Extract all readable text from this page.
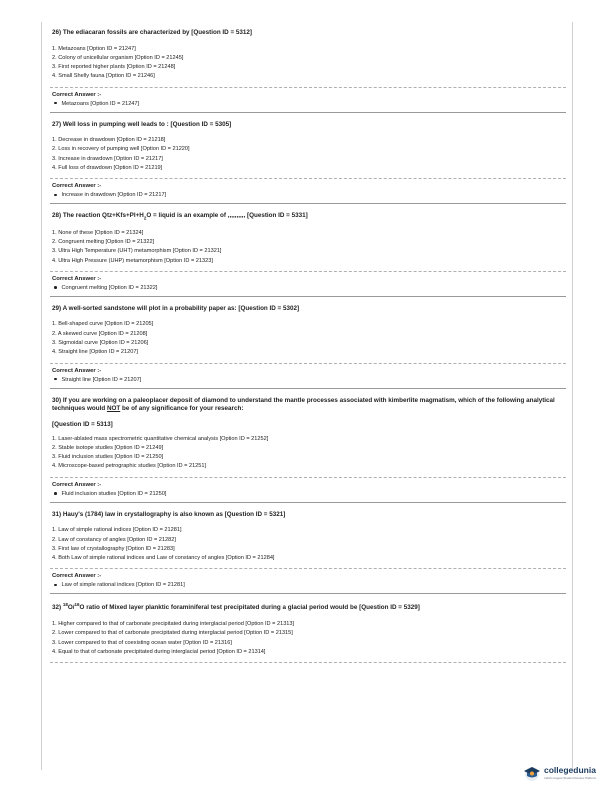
26) The ediacaran fossils are characterized by [Question ID = 5312]
1. Metazoans [Option ID = 21247]
2. Colony of unicellular organism [Option ID = 21245]
3. First reported higher plants [Option ID = 21248]
4. Small Shelly fauna [Option ID = 21246]
Correct Answer :-
Metazoans [Option ID = 21247]
27) Well loss in pumping well leads to : [Question ID = 5305]
1. Decrease in drawdown [Option ID = 21218]
2. Loss in recovery of pumping well [Option ID = 21220]
3. Increase in drawdown [Option ID = 21217]
4. Full loss of drawdown [Option ID = 21219]
Correct Answer :-
Increase in drawdown [Option ID = 21217]
28) The reaction $Qtz+Kfs+Pl+H_2O$ = liquid is an example of ,,,,,,,,,, [Question ID = 5331]
1. None of these [Option ID = 21324]
2. Congruent melting [Option ID = 21322]
3. Ultra High Temperature (UHT) metamorphism [Option ID = 21321]
4. Ultra High Pressure (UHP) metamorphism [Option ID = 21323]
Correct Answer :-
Congruent melting [Option ID = 21322]
29) A well-sorted sandstone will plot in a probability paper as: [Question ID = 5302]
1. Bell-shaped curve [Option ID = 21205]
2. A skewed curve [Option ID = 21208]
3. Sigmoidal curve [Option ID = 21206]
4. Straight line [Option ID = 21207]
Correct Answer :-
Straight line [Option ID = 21207]
30) If you are working on a paleoplacer deposit of diamond to understand the mantle processes associated with kimberlite magmatism, which of the following analytical techniques would NOT be of any significance for your research:
[Question ID = 5313]
1. Laser-ablated mass spectrometric quantitative chemical analysis [Option ID = 21252]
2. Stable isotope studies [Option ID = 21249]
3. Fluid inclusion studies [Option ID = 21250]
4. Microscope-based petrographic studies [Option ID = 21251]
Correct Answer :-
Fluid inclusion studies [Option ID = 21250]
31) Hauy's (1784) law in crystallography is also known as [Question ID = 5321]
1. Law of simple rational indices [Option ID = 21281]
2. Law of constancy of angles [Option ID = 21282]
3. First law of crystallography [Option ID = 21283]
4. Both Law of simple rational indices and Law of constancy of angles [Option ID = 21284]
Correct Answer :-
Law of simple rational indices [Option ID = 21281]
32) $^{18}$O/$^{16}$O ratio of Mixed layer planktic foraminiferal test precipitated during a glacial period would be [Question ID = 5329]
1. Higher compared to that of carbonate precipitated during interglacial period [Option ID = 21313]
2. Lower compared to that of carbonate precipitated during interglacial period [Option ID = 21315]
3. Lower compared to that of coexisting ocean water [Option ID = 21316]
4. Equal to that of carbonate precipitated during interglacial period [Option ID = 21314]
collegedunia
India's largest Student Review Platform
